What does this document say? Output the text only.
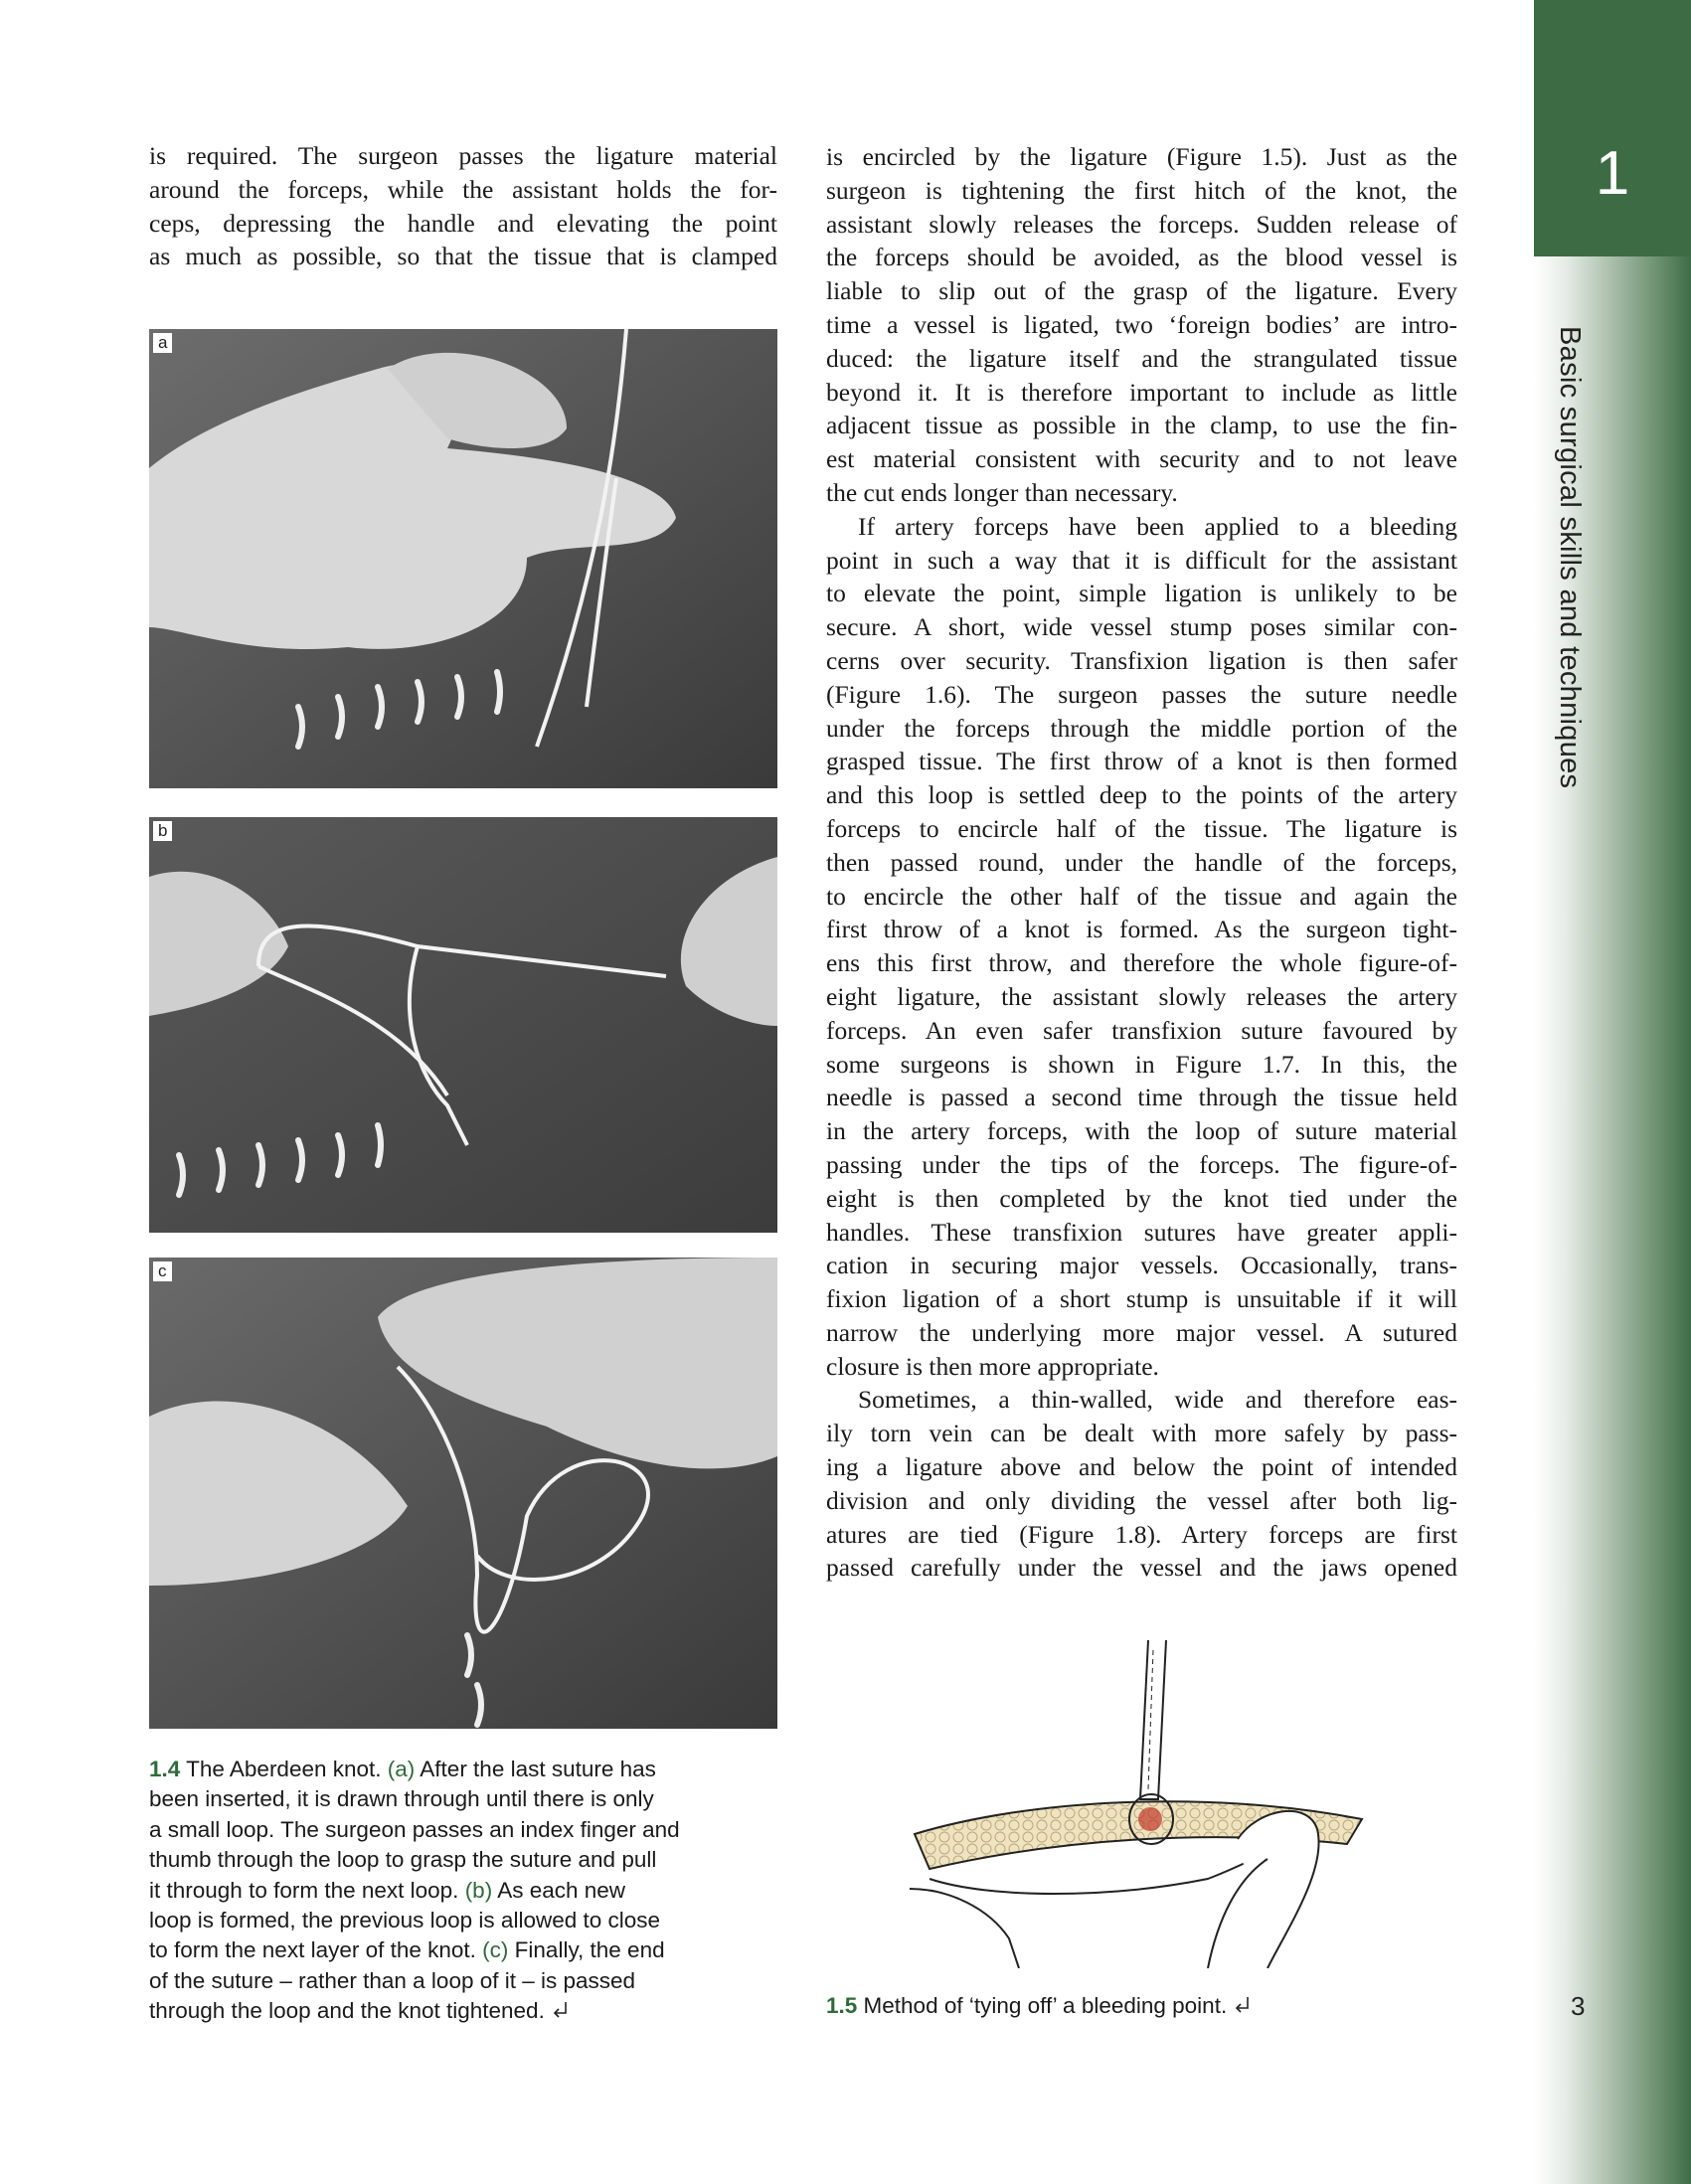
1
Basic surgical skills and techniques
3
is required. The surgeon passes the ligature material
around the forceps, while the assistant holds the for-
ceps, depressing the handle and elevating the point
as much as possible, so that the tissue that is clamped
a
b
c
1.4 The Aberdeen knot. (a) After the last suture has
been inserted, it is drawn through until there is only
a small loop. The surgeon passes an index finger and
thumb through the loop to grasp the suture and pull
it through to form the next loop. (b) As each new
loop is formed, the previous loop is allowed to close
to form the next layer of the knot. (c) Finally, the end
of the suture – rather than a loop of it – is passed
through the loop and the knot tightened.
is encircled by the ligature (Figure 1.5). Just as the
surgeon is tightening the first hitch of the knot, the
assistant slowly releases the forceps. Sudden release of
the forceps should be avoided, as the blood vessel is
liable to slip out of the grasp of the ligature. Every
time a vessel is ligated, two ‘foreign bodies’ are intro-
duced: the ligature itself and the strangulated tissue
beyond it. It is therefore important to include as little
adjacent tissue as possible in the clamp, to use the fin-
est material consistent with security and to not leave
the cut ends longer than necessary.
If artery forceps have been applied to a bleeding
point in such a way that it is difficult for the assistant
to elevate the point, simple ligation is unlikely to be
secure. A short, wide vessel stump poses similar con-
cerns over security. Transfixion ligation is then safer
(Figure 1.6). The surgeon passes the suture needle
under the forceps through the middle portion of the
grasped tissue. The first throw of a knot is then formed
and this loop is settled deep to the points of the artery
forceps to encircle half of the tissue. The ligature is
then passed round, under the handle of the forceps,
to encircle the other half of the tissue and again the
first throw of a knot is formed. As the surgeon tight-
ens this first throw, and therefore the whole figure-of-
eight ligature, the assistant slowly releases the artery
forceps. An even safer transfixion suture favoured by
some surgeons is shown in Figure 1.7. In this, the
needle is passed a second time through the tissue held
in the artery forceps, with the loop of suture material
passing under the tips of the forceps. The figure-of-
eight is then completed by the knot tied under the
handles. These transfixion sutures have greater appli-
cation in securing major vessels. Occasionally, trans-
fixion ligation of a short stump is unsuitable if it will
narrow the underlying more major vessel. A sutured
closure is then more appropriate.
Sometimes, a thin-walled, wide and therefore eas-
ily torn vein can be dealt with more safely by pass-
ing a ligature above and below the point of intended
division and only dividing the vessel after both lig-
atures are tied (Figure 1.8). Artery forceps are first
passed carefully under the vessel and the jaws opened
1.5 Method of ‘tying off’ a bleeding point.
